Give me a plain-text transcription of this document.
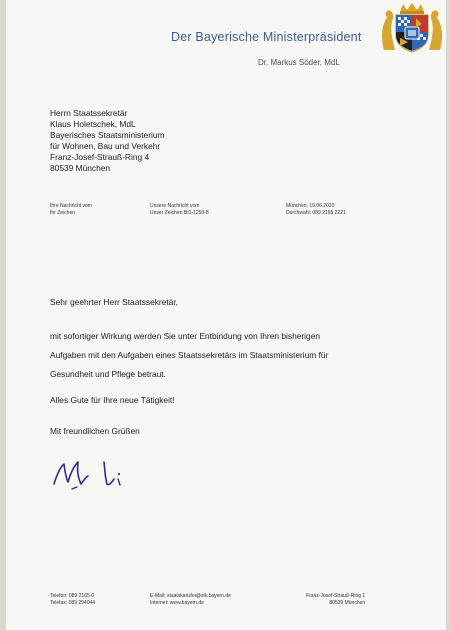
Der Bayerische Ministerpräsident
Dr. Markus Söder, MdL
Herrn Staatssekretär
Klaus Holetschek, MdL
Bayerisches Staatsministerium
für Wohnen, Bau und Verkehr
Franz-Josef-Strauß-Ring 4
80539 München
Ihre Nachricht vom
Ihr Zeichen
Unsere Nachricht vom
Unser Zeichen BI1-1259-8
München, 19.06.2020
Durchwahl: 089 2165 2221
Sehr geehrter Herr Staatssekretär,
mit sofortiger Wirkung werden Sie unter Entbindung von Ihren bisherigen
Aufgaben mit den Aufgaben eines Staatssekretärs im Staatsministerium für
Gesundheit und Pflege betraut.
Alles Gute für Ihre neue Tätigkeit!
Mit freundlichen Grüßen
Telefon: 089 2165-0
Telefax: 089 294044
E-Mail: staatskanzlei@stk.bayern.de
Internet: www.bayern.de
Franz-Josef-Strauß-Ring 1
80539 München
